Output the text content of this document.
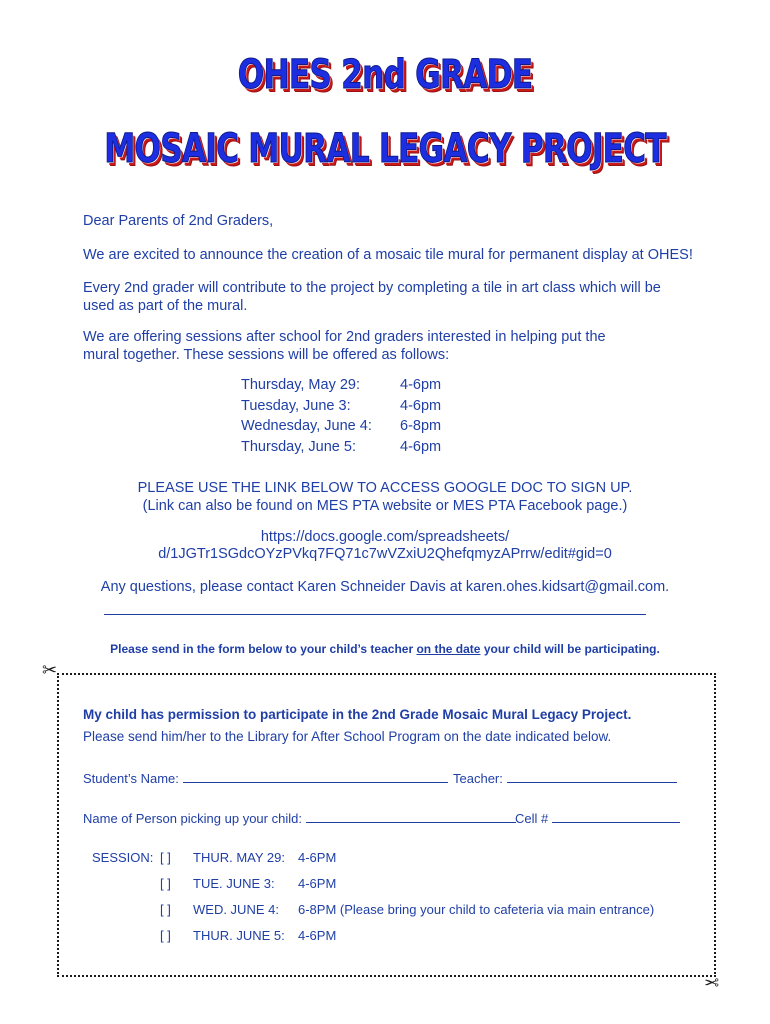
OHES 2nd GRADE
MOSAIC MURAL LEGACY PROJECT
Dear Parents of 2nd Graders,
We are excited to announce the creation of a mosaic tile mural for permanent display at OHES!
Every 2nd grader will contribute to the project by completing a tile in art class which will be used as part of the mural.
We are offering sessions after school for 2nd graders interested in helping put the mural together. These sessions will be offered as follows:
Thursday, May 29:	4-6pm
Tuesday, June 3:	4-6pm
Wednesday, June 4: 6-8pm
Thursday, June 5:	4-6pm
PLEASE USE THE LINK BELOW TO ACCESS GOOGLE DOC TO SIGN UP.
(Link can also be found on MES PTA website or MES PTA Facebook page.)
https://docs.google.com/spreadsheets/
d/1JGTr1SGdcOYzPVkq7FQ71c7wVZxiU2QhefqmyzAPrrw/edit#gid=0
Any questions, please contact Karen Schneider Davis at karen.ohes.kidsart@gmail.com.
Please send in the form below to your child’s teacher on the date your child will be participating.
✂
✂
My child has permission to participate in the 2nd Grade Mosaic Mural Legacy Project.
Please send him/her to the Library for After School Program on the date indicated below.
Student’s Name:	Teacher:
Name of Person picking up your child:	Cell #
SESSION: [ ] THUR. MAY 29: 4-6PM
[ ] TUE. JUNE 3: 4-6PM
[ ] WED. JUNE 4: 6-8PM (Please bring your child to cafeteria via main entrance)
[ ] THUR. JUNE 5: 4-6PM
